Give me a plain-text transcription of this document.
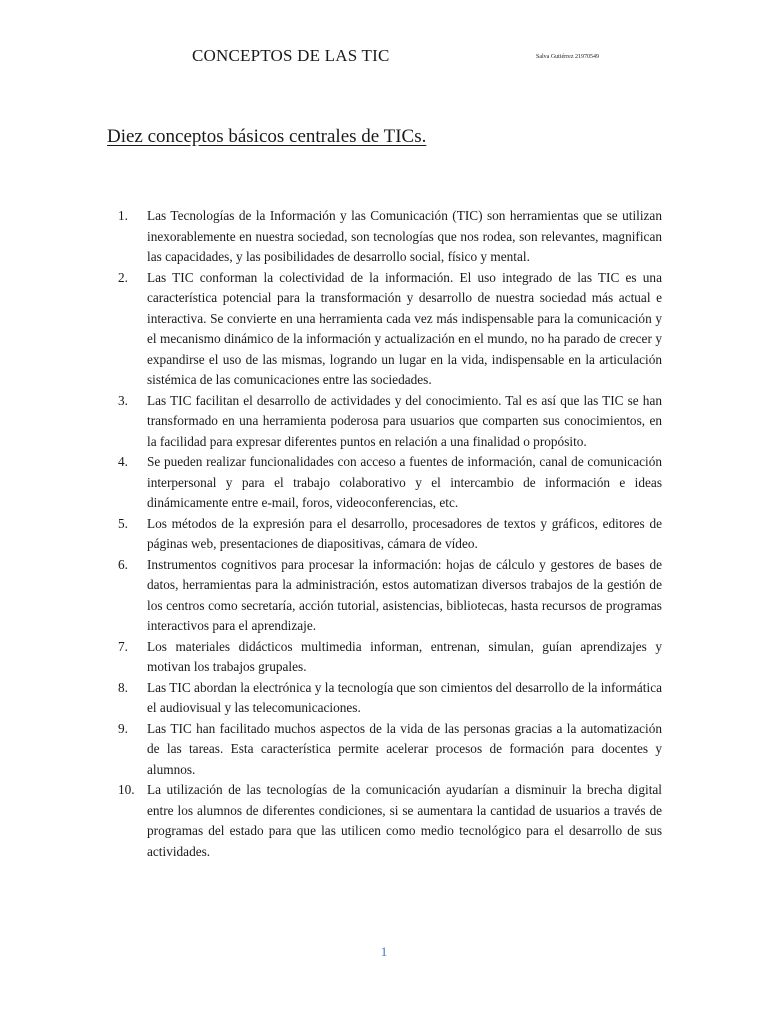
CONCEPTOS DE LAS TIC	Salva Gutiérrez 21970549
Diez conceptos básicos centrales de TICs.
1.	Las Tecnologías de la Información y las Comunicación (TIC) son herramientas que se utilizan inexorablemente en nuestra sociedad, son tecnologías que nos rodea, son relevantes, magnifican las capacidades, y las posibilidades de desarrollo social, físico y mental.
2.	Las TIC conforman la colectividad de la información. El uso integrado de las TIC es una característica potencial para la transformación y desarrollo de nuestra sociedad más actual e interactiva. Se convierte en una herramienta cada vez más indispensable para la comunicación y el mecanismo dinámico de la información y actualización en el mundo, no ha parado de crecer y expandirse el uso de las mismas, logrando un lugar en la vida, indispensable en la articulación sistémica de las comunicaciones entre las sociedades.
3.	Las TIC facilitan el desarrollo de actividades y del conocimiento. Tal es así que las TIC se han transformado en una herramienta poderosa para usuarios que comparten sus conocimientos, en la facilidad para expresar diferentes puntos en relación a una finalidad o propósito.
4.	Se pueden realizar funcionalidades con acceso a fuentes de información, canal de comunicación interpersonal y para el trabajo colaborativo y el intercambio de información e ideas dinámicamente entre e-mail, foros, videoconferencias, etc.
5.	Los métodos de la expresión para el desarrollo, procesadores de textos y gráficos, editores de páginas web, presentaciones de diapositivas, cámara de vídeo.
6.	Instrumentos cognitivos para procesar la información: hojas de cálculo y gestores de bases de datos, herramientas para la administración, estos automatizan diversos trabajos de la gestión de los centros como secretaría, acción tutorial, asistencias, bibliotecas, hasta recursos de programas interactivos para el aprendizaje.
7.	Los materiales didácticos multimedia informan, entrenan, simulan, guían aprendizajes y motivan los trabajos grupales.
8.	Las TIC abordan la electrónica y la tecnología que son cimientos del desarrollo de la informática el audiovisual y las telecomunicaciones.
9.	Las TIC han facilitado muchos aspectos de la vida de las personas gracias a la automatización de las tareas. Esta característica permite acelerar procesos de formación para docentes y alumnos.
10. La utilización de las tecnologías de la comunicación ayudarían a disminuir la brecha digital entre los alumnos de diferentes condiciones, si se aumentara la cantidad de usuarios a través de programas del estado para que las utilicen como medio tecnológico para el desarrollo de sus actividades.
1
